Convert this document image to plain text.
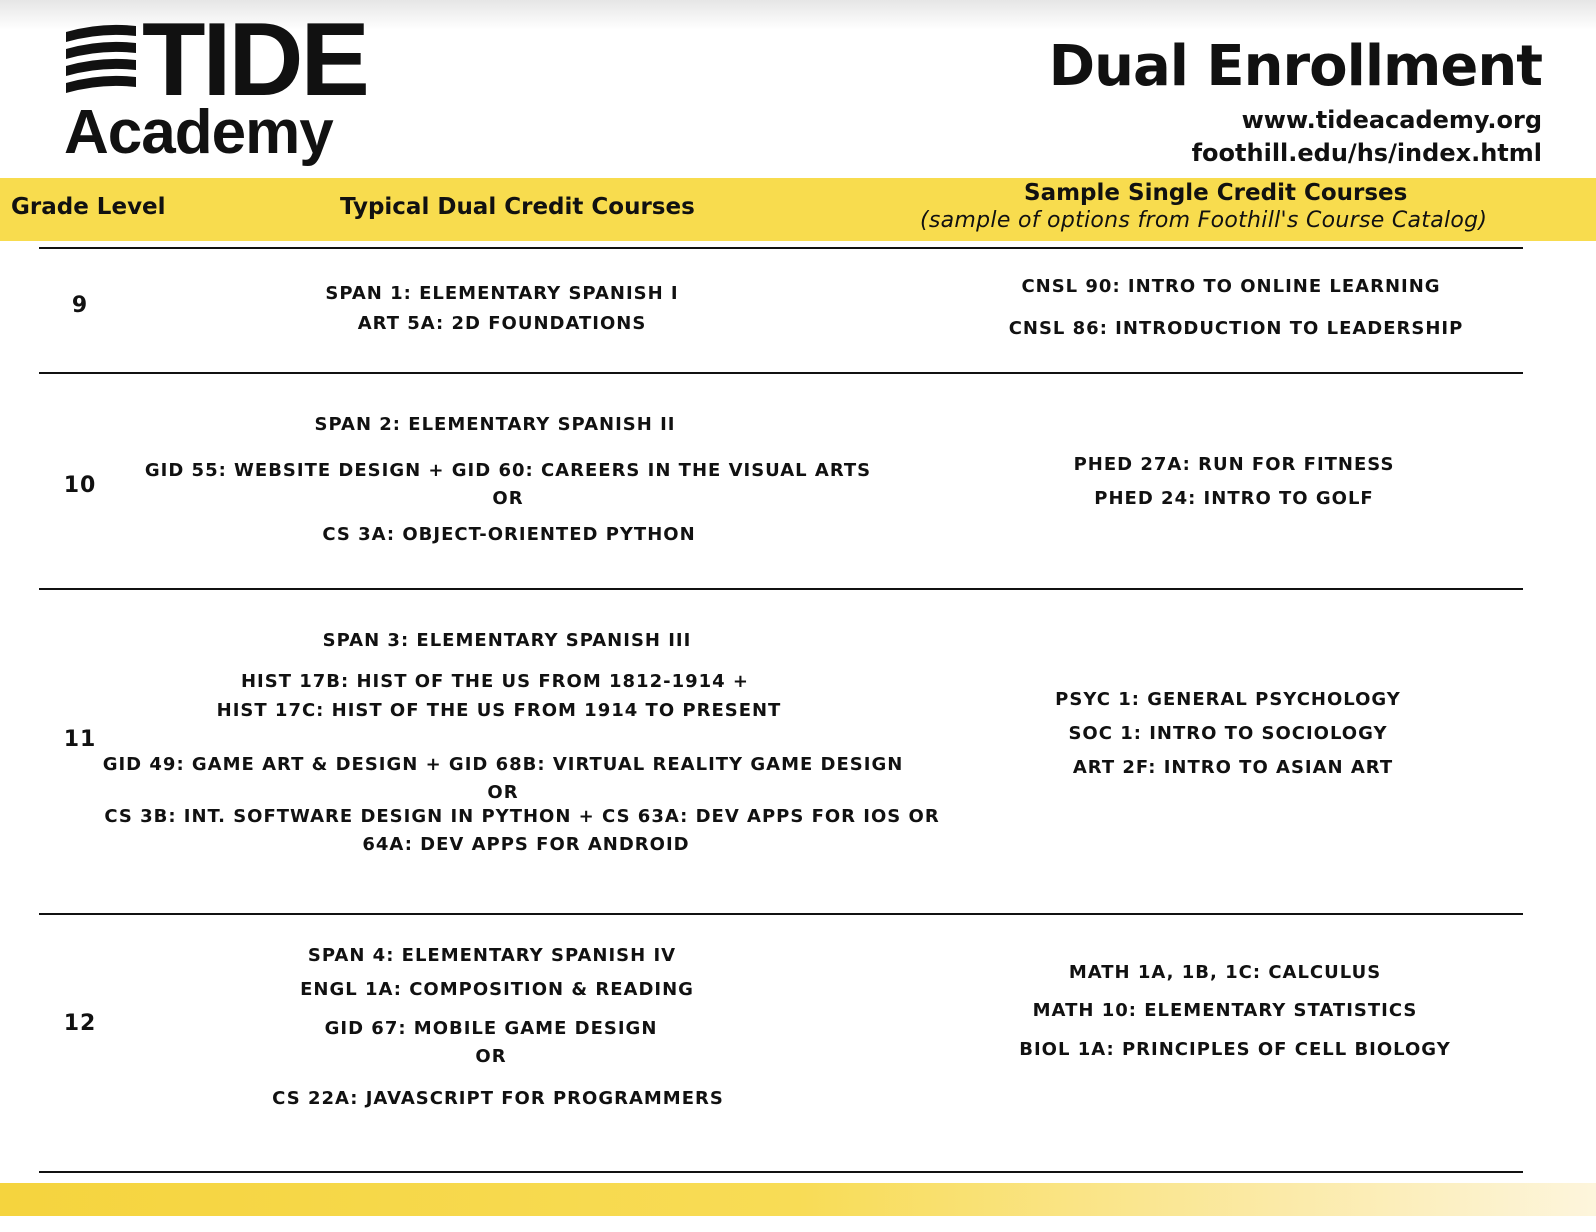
TIDE
Academy
Dual Enrollment
www.tideacademy.org
foothill.edu/hs/index.html
Grade Level	Typical Dual Credit Courses
Sample Single Credit Courses
(sample of options from Foothill's Course Catalog)
9	SPAN 1: ELEMENTARY SPANISH I
ART 5A: 2D FOUNDATIONS
CNSL 90: INTRO TO ONLINE LEARNING
CNSL 86: INTRODUCTION TO LEADERSHIP
10
SPAN 2: ELEMENTARY SPANISH II
GID 55: WEBSITE DESIGN + GID 60: CAREERS IN THE VISUAL ARTS
OR
CS 3A: OBJECT-ORIENTED PYTHON
PHED 27A: RUN FOR FITNESS
PHED 24: INTRO TO GOLF
11
SPAN 3: ELEMENTARY SPANISH III
HIST 17B: HIST OF THE US FROM 1812-1914 +
HIST 17C: HIST OF THE US FROM 1914 TO PRESENT
GID 49: GAME ART & DESIGN + GID 68B: VIRTUAL REALITY GAME DESIGN
OR
CS 3B: INT. SOFTWARE DESIGN IN PYTHON + CS 63A: DEV APPS FOR IOS OR
64A: DEV APPS FOR ANDROID
PSYC 1: GENERAL PSYCHOLOGY
SOC 1: INTRO TO SOCIOLOGY
ART 2F: INTRO TO ASIAN ART
12
SPAN 4: ELEMENTARY SPANISH IV
ENGL 1A: COMPOSITION & READING
GID 67: MOBILE GAME DESIGN
OR
CS 22A: JAVASCRIPT FOR PROGRAMMERS
MATH 1A, 1B, 1C: CALCULUS
MATH 10: ELEMENTARY STATISTICS
BIOL 1A: PRINCIPLES OF CELL BIOLOGY
